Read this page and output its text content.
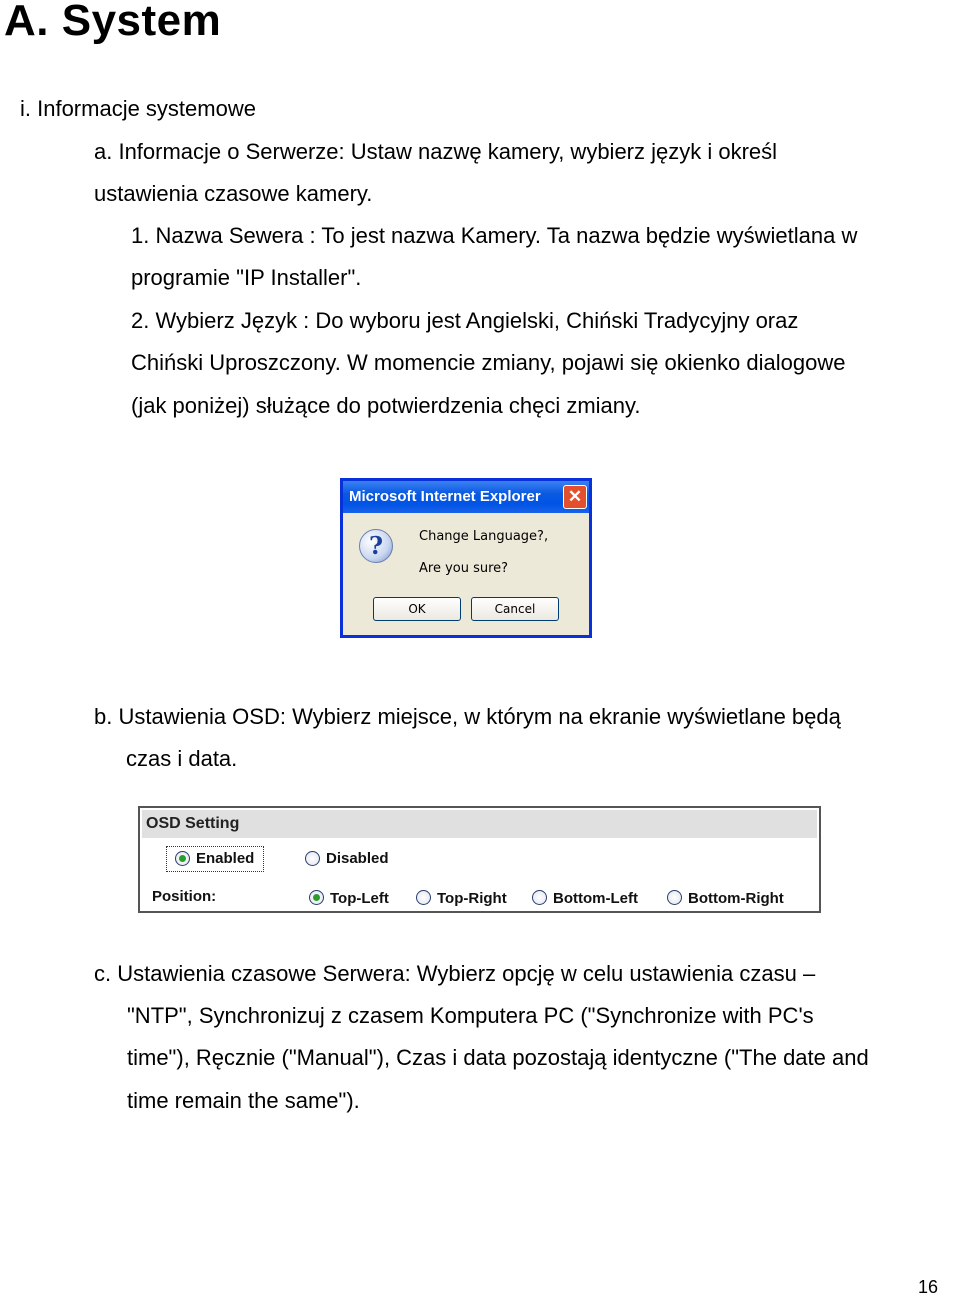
A. System
i. Informacje systemowe
a. Informacje o Serwerze: Ustaw nazwę kamery, wybierz język i określ
ustawienia czasowe kamery.
1. Nazwa Sewera : To jest nazwa Kamery. Ta nazwa będzie wyświetlana w
programie "IP Installer".
2. Wybierz Język : Do wyboru jest Angielski, Chiński Tradycyjny oraz
Chiński Uproszczony. W momencie zmiany, pojawi się okienko dialogowe
(jak poniżej) służące do potwierdzenia chęci zmiany.
Microsoft Internet Explorer ✕
?	Change Language?,
Are you sure?
OK	Cancel
b. Ustawienia OSD: Wybierz miejsce, w którym na ekranie wyświetlane będą
czas i data.
OSD Setting
Enabled	Disabled
Position:	Top-Left	Top-Right	Bottom-Left	Bottom-Right
c. Ustawienia czasowe Serwera: Wybierz opcję w celu ustawienia czasu –
"NTP", Synchronizuj z czasem Komputera PC ("Synchronize with PC's
time"), Ręcznie ("Manual"), Czas i data pozostają identyczne ("The date and
time remain the same").
16
